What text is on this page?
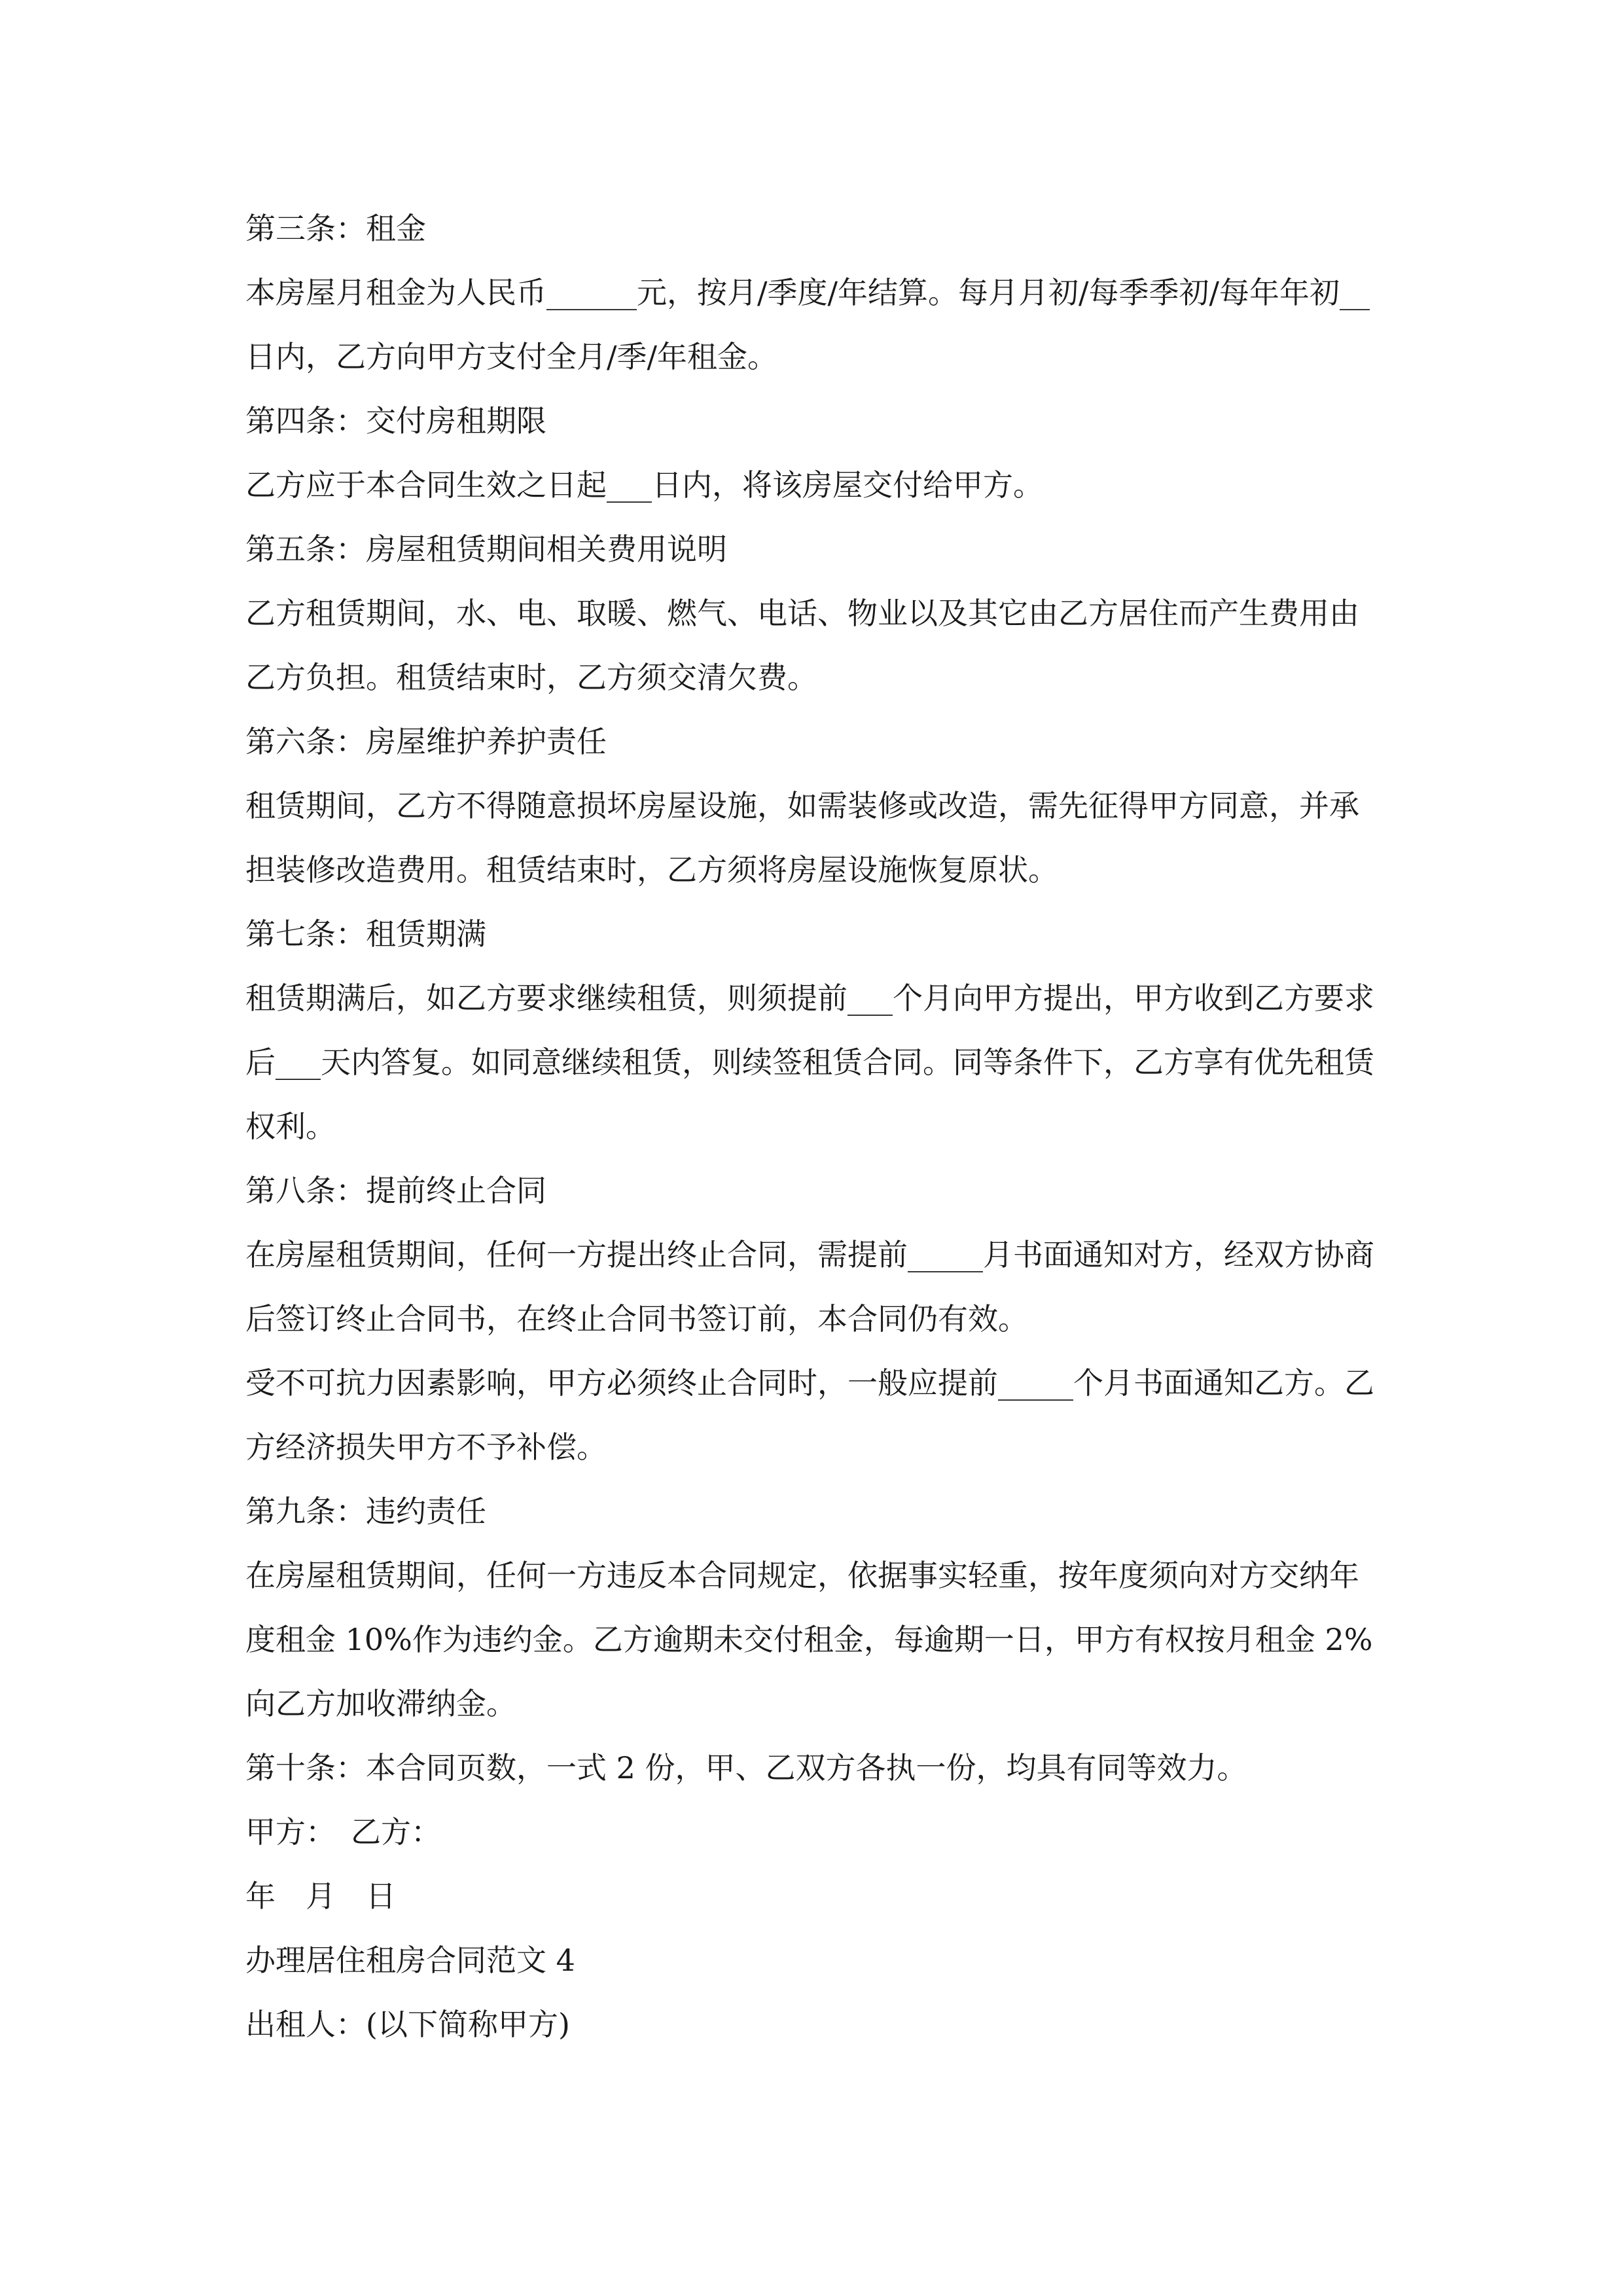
第三条：租金

本房屋月租金为人民币______元，按月/季度/年结算。每月月初/每季季初/每年年初__日内，乙方向甲方支付全月/季/年租金。

第四条：交付房租期限

乙方应于本合同生效之日起___日内，将该房屋交付给甲方。

第五条：房屋租赁期间相关费用说明

乙方租赁期间，水、电、取暖、燃气、电话、物业以及其它由乙方居住而产生费用由乙方负担。租赁结束时，乙方须交清欠费。

第六条：房屋维护养护责任

租赁期间，乙方不得随意损坏房屋设施，如需装修或改造，需先征得甲方同意，并承担装修改造费用。租赁结束时，乙方须将房屋设施恢复原状。

第七条：租赁期满

租赁期满后，如乙方要求继续租赁，则须提前___个月向甲方提出，甲方收到乙方要求后___天内答复。如同意继续租赁，则续签租赁合同。同等条件下，乙方享有优先租赁权利。

第八条：提前终止合同

在房屋租赁期间，任何一方提出终止合同，需提前_____月书面通知对方，经双方协商后签订终止合同书，在终止合同书签订前，本合同仍有效。

受不可抗力因素影响，甲方必须终止合同时，一般应提前_____个月书面通知乙方。乙方经济损失甲方不予补偿。

第九条：违约责任

在房屋租赁期间，任何一方违反本合同规定，依据事实轻重，按年度须向对方交纳年度租金 10%作为违约金。乙方逾期未交付租金，每逾期一日，甲方有权按月租金 2%向乙方加收滞纳金。

第十条：本合同页数，一式 2 份，甲、乙双方各执一份，均具有同等效力。

甲方：　乙方：

年　月　日

办理居住租房合同范文 4

出租人：(以下简称甲方)
